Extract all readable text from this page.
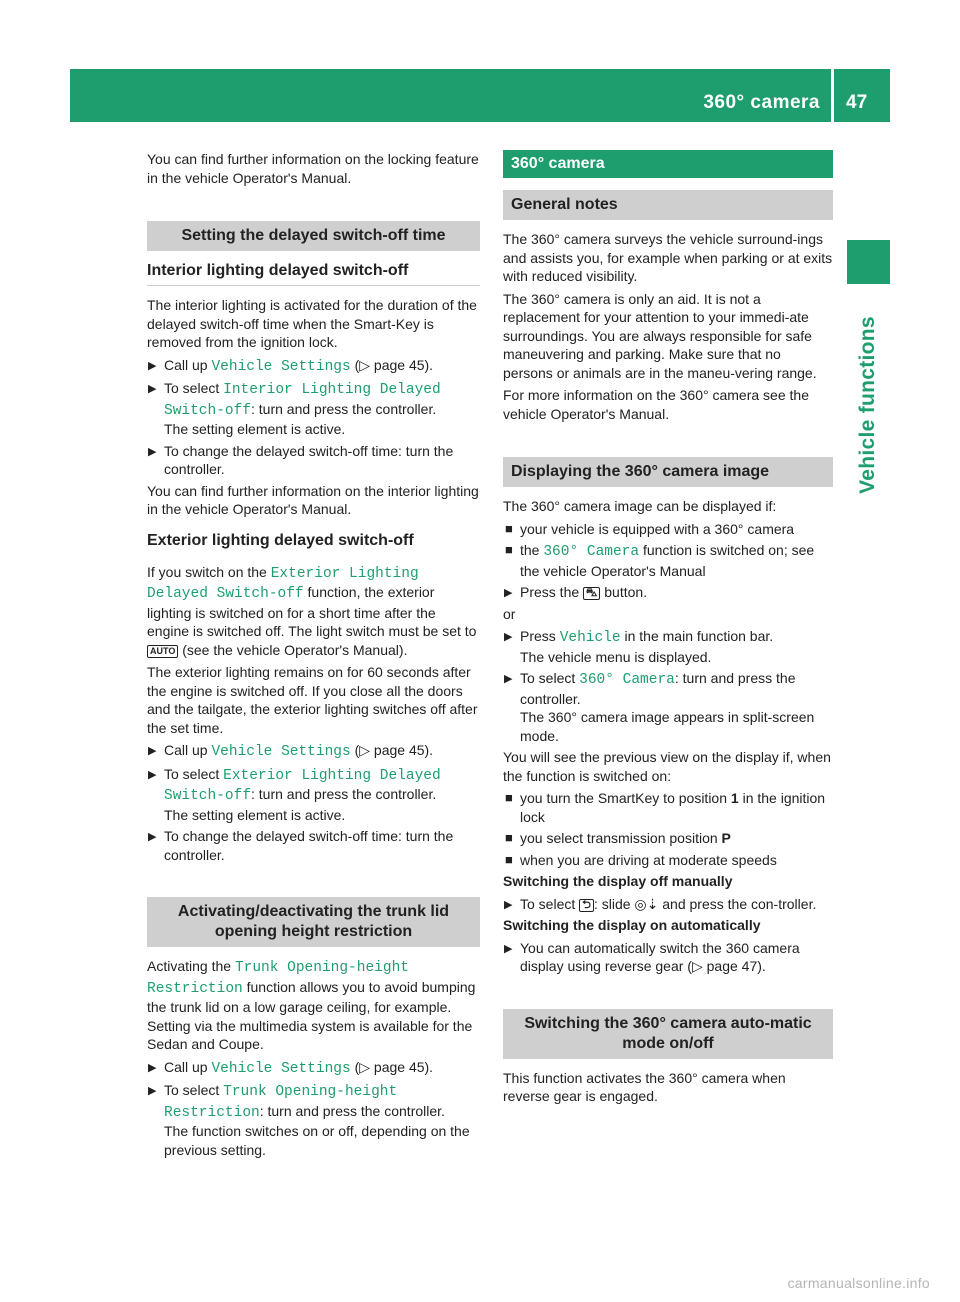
360° camera 47
Vehicle functions

You can find further information on the locking feature in the vehicle Operator's Manual.

Setting the delayed switch-off time
Interior lighting delayed switch-off

The interior lighting is activated for the duration of the delayed switch-off time when the Smart-Key is removed from the ignition lock.

▶ Call up Vehicle Settings (▷ page 45).
▶ To select Interior Lighting Delayed Switch-off: turn and press the controller.
The setting element is active.
▶ To change the delayed switch-off time: turn the controller.

You can find further information on the interior lighting in the vehicle Operator's Manual.

Exterior lighting delayed switch-off

If you switch on the Exterior Lighting Delayed Switch-off function, the exterior lighting is switched on for a short time after the engine is switched off. The light switch must be set to AUTO (see the vehicle Operator's Manual).

The exterior lighting remains on for 60 seconds after the engine is switched off. If you close all the doors and the tailgate, the exterior lighting switches off after the set time.

▶ Call up Vehicle Settings (▷ page 45).
▶ To select Exterior Lighting Delayed Switch-off: turn and press the controller.
The setting element is active.
▶ To change the delayed switch-off time: turn the controller.
Activating/deactivating the trunk lid opening height restriction

Activating the Trunk Opening-height Restriction function allows you to avoid bumping the trunk lid on a low garage ceiling, for example. Setting via the multimedia system is available for the Sedan and Coupe.

▶ Call up Vehicle Settings (▷ page 45).
▶ To select Trunk Opening-height Restriction: turn and press the controller.
The function switches on or off, depending on the previous setting.
360° camera
General notes

The 360° camera surveys the vehicle surround-ings and assists you, for example when parking or at exits with reduced visibility.

The 360° camera is only an aid. It is not a replacement for your attention to your immedi-ate surroundings. You are always responsible for safe maneuvering and parking. Make sure that no persons or animals are in the maneu-vering range.

For more information on the 360° camera see the vehicle Operator's Manual.

Displaying the 360° camera image

The 360° camera image can be displayed if:

■ your vehicle is equipped with a 360° camera
■ the 360° Camera function is switched on; see the vehicle Operator's Manual
▶ Press the ⛍ button.

or

▶ Press Vehicle in the main function bar.
The vehicle menu is displayed.
▶ To select 360° Camera: turn and press the controller.
The 360° camera image appears in split-screen mode.

You will see the previous view on the display if, when the function is switched on:

■ you turn the SmartKey to position 1 in the ignition lock
■ you select transmission position P
■ when you are driving at moderate speeds

Switching the display off manually

▶ To select ⮌ : slide ◎⇣ and press the con-troller.

Switching the display on automatically

▶ You can automatically switch the 360 camera display using reverse gear (▷ page 47).
Switching the 360° camera auto-matic mode on/off

This function activates the 360° camera when reverse gear is engaged.

carmanualsonline.info
